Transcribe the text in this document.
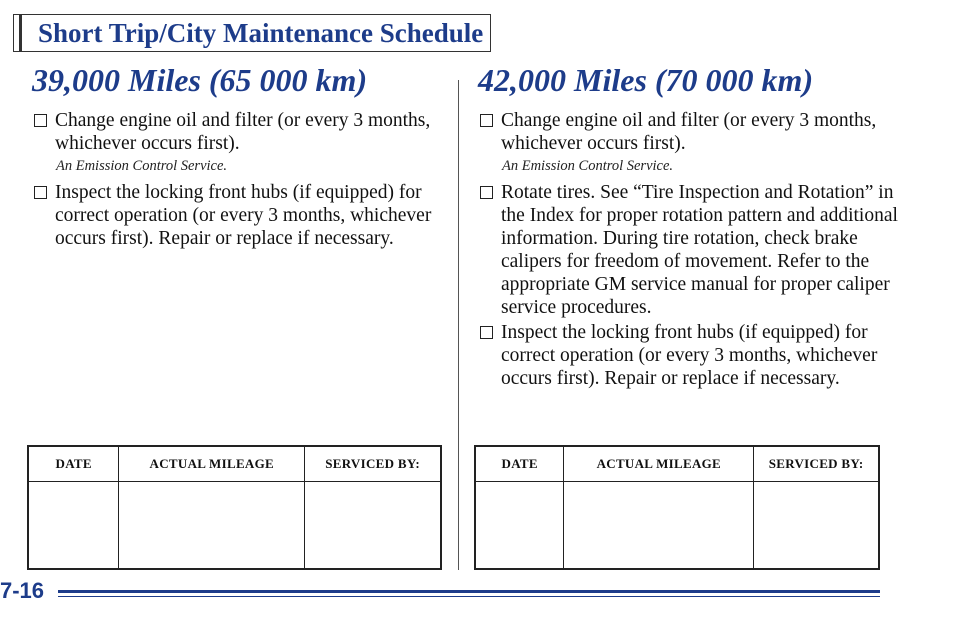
Short Trip/City Maintenance Schedule
39,000 Miles (65 000 km)
Change engine oil and filter (or every 3 months, whichever occurs first).
An Emission Control Service.
Inspect the locking front hubs (if equipped) for correct operation (or every 3 months, whichever occurs first). Repair or replace if necessary.
42,000 Miles (70 000 km)
Change engine oil and filter (or every 3 months, whichever occurs first).
An Emission Control Service.
Rotate tires. See “Tire Inspection and Rotation” in the Index for proper rotation pattern and additional information. During tire rotation, check brake calipers for freedom of movement. Refer to the appropriate GM service manual for proper caliper service procedures.
Inspect the locking front hubs (if equipped) for correct operation (or every 3 months, whichever occurs first). Repair or replace if necessary.
DATE	ACTUAL MILEAGE	SERVICED BY:
			DATE	ACTUAL MILEAGE	SERVICED BY:

7-16
